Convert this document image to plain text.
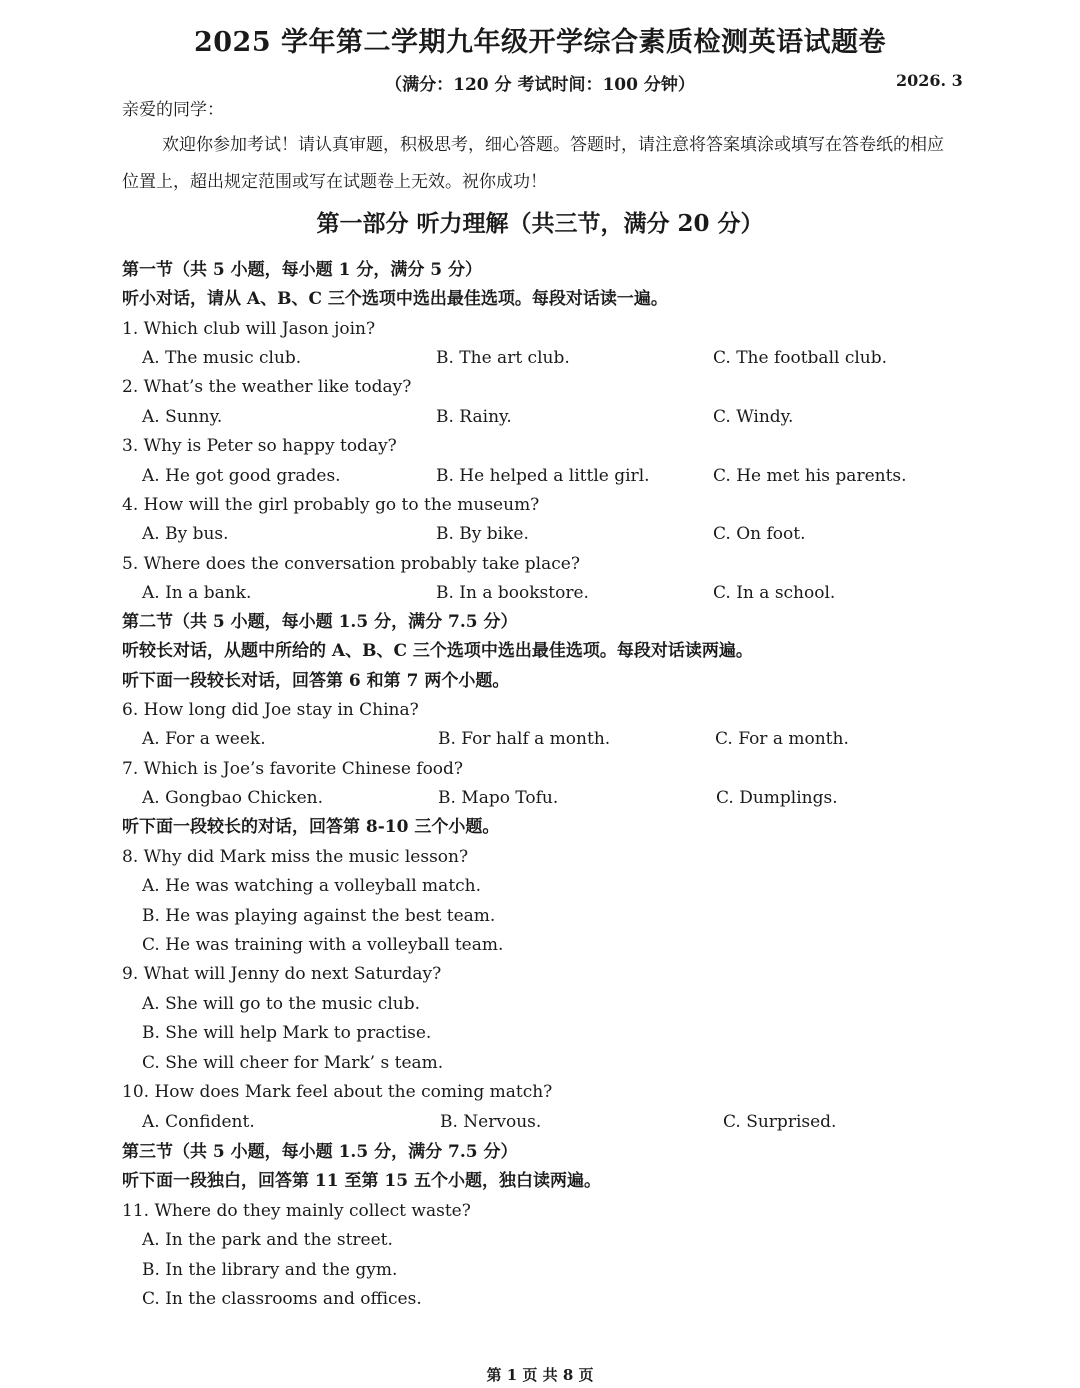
2025 学年第二学期九年级开学综合素质检测英语试题卷
（满分：120 分 考试时间：100 分钟）	2026. 3
亲爱的同学：
欢迎你参加考试！请认真审题，积极思考，细心答题。答题时，请注意将答案填涂或填写在答卷纸的相应位置上，超出规定范围或写在试题卷上无效。祝你成功！
第一部分 听力理解（共三节，满分 20 分）
第一节（共 5 小题，每小题 1 分，满分 5 分）
听小对话，请从 A、B、C 三个选项中选出最佳选项。每段对话读一遍。
1. Which club will Jason join?
A. The music club.	B. The art club.	C. The football club.
2. What’s the weather like today?
A. Sunny.	B. Rainy.	C. Windy.
3. Why is Peter so happy today?
A. He got good grades.	B. He helped a little girl.	C. He met his parents.
4. How will the girl probably go to the museum?
A. By bus.	B. By bike.	C. On foot.
5. Where does the conversation probably take place?
A. In a bank.	B. In a bookstore.	C. In a school.
第二节（共 5 小题，每小题 1.5 分，满分 7.5 分）
听较长对话，从题中所给的 A、B、C 三个选项中选出最佳选项。每段对话读两遍。
听下面一段较长对话，回答第 6 和第 7 两个小题。
6. How long did Joe stay in China?
A. For a week.	B. For half a month.	C. For a month.
7. Which is Joe’s favorite Chinese food?
A. Gongbao Chicken.	B. Mapo Tofu.	C. Dumplings.
听下面一段较长的对话，回答第 8-10 三个小题。
8. Why did Mark miss the music lesson?
A. He was watching a volleyball match.
B. He was playing against the best team.
C. He was training with a volleyball team.
9. What will Jenny do next Saturday?
A. She will go to the music club.
B. She will help Mark to practise.
C. She will cheer for Mark’ s team.
10. How does Mark feel about the coming match?
A. Confident.	B. Nervous.	C. Surprised.
第三节（共 5 小题，每小题 1.5 分，满分 7.5 分）
听下面一段独白，回答第 11 至第 15 五个小题，独白读两遍。
11. Where do they mainly collect waste?
A. In the park and the street.
B. In the library and the gym.
C. In the classrooms and offices.
第 1 页 共 8 页
